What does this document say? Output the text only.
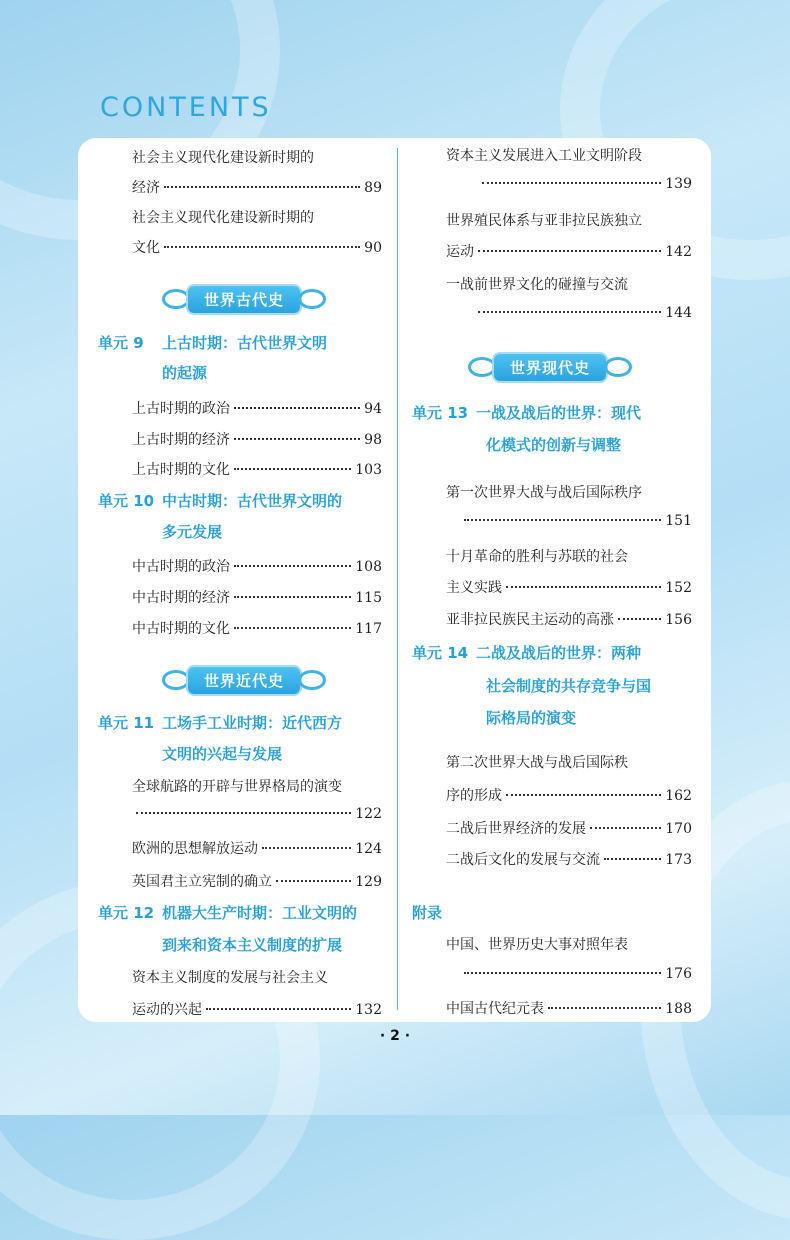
CONTENTS
社会主义现代化建设新时期的
经济	89
社会主义现代化建设新时期的
文化	90
世界古代史
单元 9 上古时期：古代世界文明
的起源
上古时期的政治	94
上古时期的经济	98
上古时期的文化	103
单元 10 中古时期：古代世界文明的
多元发展
中古时期的政治	108
中古时期的经济	115
中古时期的文化	117
世界近代史
单元 11 工场手工业时期：近代西方
文明的兴起与发展
全球航路的开辟与世界格局的演变
122
欧洲的思想解放运动	124
英国君主立宪制的确立	129
单元 12 机器大生产时期：工业文明的
到来和资本主义制度的扩展
资本主义制度的发展与社会主义
运动的兴起	132
资本主义发展进入工业文明阶段
139
世界殖民体系与亚非拉民族独立
运动	142
一战前世界文化的碰撞与交流
144
世界现代史
单元 13 一战及战后的世界：现代
化模式的创新与调整
第一次世界大战与战后国际秩序
151
十月革命的胜利与苏联的社会
主义实践	152
亚非拉民族民主运动的高涨	156
单元 14 二战及战后的世界：两种
社会制度的共存竞争与国
际格局的演变
第二次世界大战与战后国际秩
序的形成	162
二战后世界经济的发展	170
二战后文化的发展与交流	173
附录
中国、世界历史大事对照年表
176
中国古代纪元表	188
· 2 ·
